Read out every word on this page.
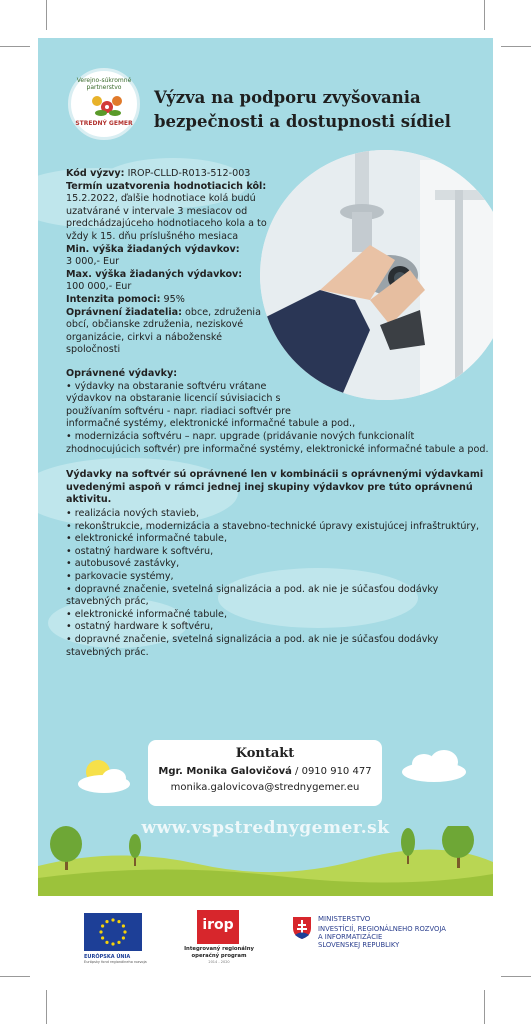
Verejno-súkromné partnerstvo
STREDNÝ GEMER
Výzva na podporu zvyšovania
bezpečnosti a dostupnosti sídiel
Kód výzvy: IROP-CLLD-R013-512-003
Termín uzatvorenia hodnotiacich kôl:
15.2.2022, ďalšie hodnotiace kolá budú
uzatvárané v intervale 3 mesiacov od
predchádzajúceho hodnotiaceho kola a to
vždy k 15. dňu príslušného mesiaca
Min. výška žiadaných výdavkov:
3 000,- Eur
Max. výška žiadaných výdavkov:
100 000,- Eur
Intenzita pomoci: 95%
Oprávnení žiadatelia: obce, združenia
obcí, občianske združenia, neziskové
organizácie, cirkvi a náboženské
spoločnosti
Oprávnené výdavky:
• výdavky na obstaranie softvéru vrátane
výdavkov na obstaranie licencií súvisiacich s
používaním softvéru - napr. riadiaci softvér pre
informačné systémy, elektronické informačné tabule a pod.,
• modernizácia softvéru – napr. upgrade (pridávanie nových funkcionalít
zhodnocujúcich softvér) pre informačné systémy, elektronické informačné tabule a pod.
Výdavky na softvér sú oprávnené len v kombinácii s oprávnenými výdavkami
uvedenými aspoň v rámci jednej inej skupiny výdavkov pre túto oprávnenú aktivitu.
• realizácia nových stavieb,
• rekonštrukcie, modernizácia a stavebno-technické úpravy existujúcej infraštruktúry,
• elektronické informačné tabule,
• ostatný hardware k softvéru,
• autobusové zastávky,
• parkovacie systémy,
• dopravné značenie, svetelná signalizácia a pod. ak nie je súčasťou dodávky
stavebných prác,
• elektronické informačné tabule,
• ostatný hardware k softvéru,
• dopravné značenie, svetelná signalizácia a pod. ak nie je súčasťou dodávky
stavebných prác.
Kontakt
Mgr. Monika Galovičová / 0910 910 477
monika.galovicova@strednygemer.eu
www.vspstrednygemer.sk
EURÓPSKA ÚNIA
Európsky fond regionálneho rozvoja
irop
Integrovaný regionálny
operačný program
2014 - 2020
MINISTERSTVO
INVESTÍCIÍ, REGIONÁLNEHO ROZVOJA
A INFORMATIZÁCIE
SLOVENSKEJ REPUBLIKY
